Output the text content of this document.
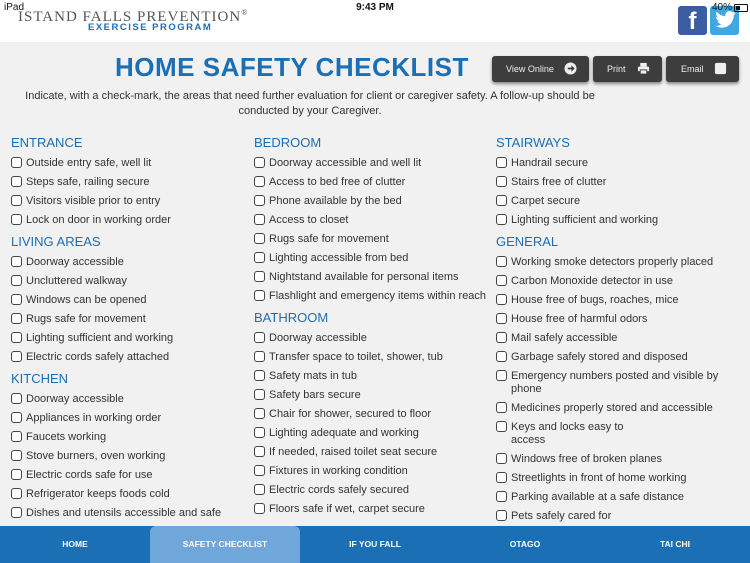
ISTAND FALLS PREVENTION®
EXERCISE PROGRAM	f
iPad	9:43 PM	40%
HOME SAFETY CHECKLIST	View Online	Print	Email
Indicate, with a check-mark, the areas that need further evaluation for client or caregiver safety. A follow-up should be conducted by your Caregiver.
ENTRANCE
Outside entry safe, well lit
Steps safe, railing secure
Visitors visible prior to entry
Lock on door in working order
LIVING AREAS
Doorway accessible
Uncluttered walkway
Windows can be opened
Rugs safe for movement
Lighting sufficient and working
Electric cords safely attached
KITCHEN
Doorway accessible
Appliances in working order
Faucets working
Stove burners, oven working
Electric cords safe for use
Refrigerator keeps foods cold
Dishes and utensils accessible and safe
BEDROOM
Doorway accessible and well lit
Access to bed free of clutter
Phone available by the bed
Access to closet
Rugs safe for movement
Lighting accessible from bed
Nightstand available for personal items
Flashlight and emergency items within reach
BATHROOM
Doorway accessible
Transfer space to toilet, shower, tub
Safety mats in tub
Safety bars secure
Chair for shower, secured to floor
Lighting adequate and working
If needed, raised toilet seat secure
Fixtures in working condition
Electric cords safely secured
Floors safe if wet, carpet secure
STAIRWAYS
Handrail secure
Stairs free of clutter
Carpet secure
Lighting sufficient and working
GENERAL
Working smoke detectors properly placed
Carbon Monoxide detector in use
House free of bugs, roaches, mice
House free of harmful odors
Mail safely accessible
Garbage safely stored and disposed
Emergency numbers posted and visible by phone
Medicines properly stored and accessible
Keys and locks easy to access
Windows free of broken planes
Streetlights in front of home working
Parking available at a safe distance
Pets safely cared for
HOME	SAFETY CHECKLIST	IF YOU FALL	OTAGO	TAI CHI
